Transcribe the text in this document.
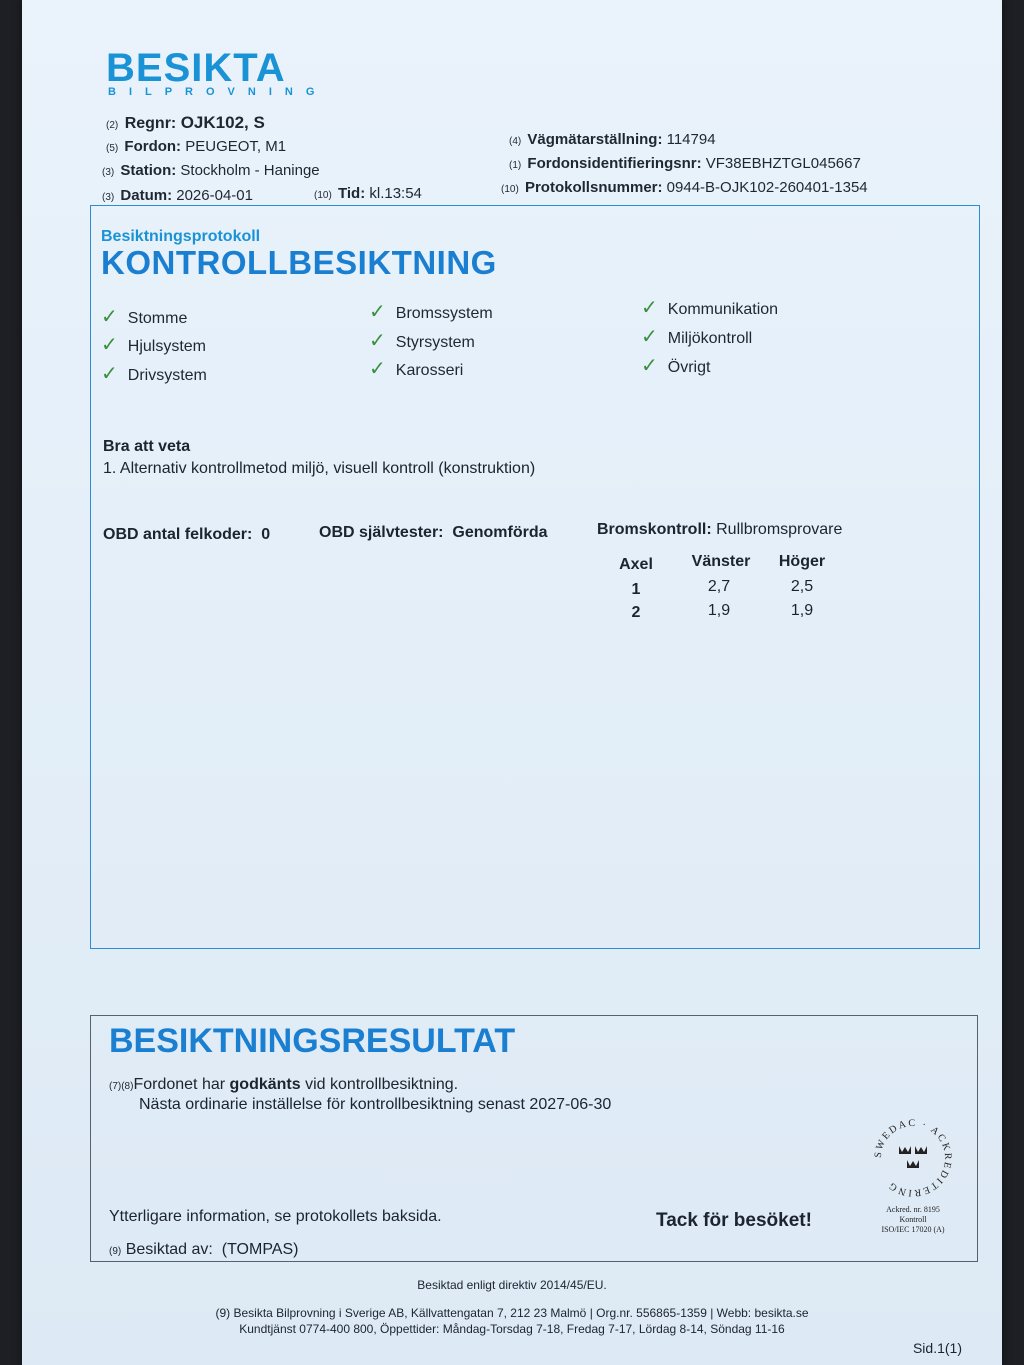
BESIKTA
BILPROVNING
(2) Regnr: OJK102, S
(5) Fordon: PEUGEOT, M1
(3) Station: Stockholm - Haninge
(3) Datum: 2026-04-01	(10) Tid: kl.13:54
(4) Vägmätarställning: 114794
(1) Fordonsidentifieringsnr: VF38EBHZTGL045667
(10) Protokollsnummer: 0944-B-OJK102-260401-1354
Besiktningsprotokoll
KONTROLLBESIKTNING
✓ Stomme
✓ Hjulsystem
✓ Drivsystem
✓ Bromssystem
✓ Styrsystem
✓ Karosseri
✓ Kommunikation
✓ Miljökontroll
✓ Övrigt
Bra att veta
1. Alternativ kontrollmetod miljö, visuell kontroll (konstruktion)
OBD antal felkoder: 0	OBD självtester: Genomförda	Bromskontroll: Rullbromsprovare
Axel	Vänster	Höger
1	2,7	2,5
2	1,9	1,9
BESIKTNINGSRESULTAT
(7)(8)Fordonet har godkänts vid kontrollbesiktning.
Nästa ordinarie inställelse för kontrollbesiktning senast 2027-06-30
SWEDAC · ACKREDITERING
Ackred. nr. 8195
Kontroll
ISO/IEC 17020 (A)
Ytterligare information, se protokollets baksida.	Tack för besöket!
(9) Besiktad av: (TOMPAS)
Besiktad enligt direktiv 2014/45/EU.
(9) Besikta Bilprovning i Sverige AB, Källvattengatan 7, 212 23 Malmö | Org.nr. 556865-1359 | Webb: besikta.se
Kundtjänst 0774-400 800, Öppettider: Måndag-Torsdag 7-18, Fredag 7-17, Lördag 8-14, Söndag 11-16
Sid.1(1)
